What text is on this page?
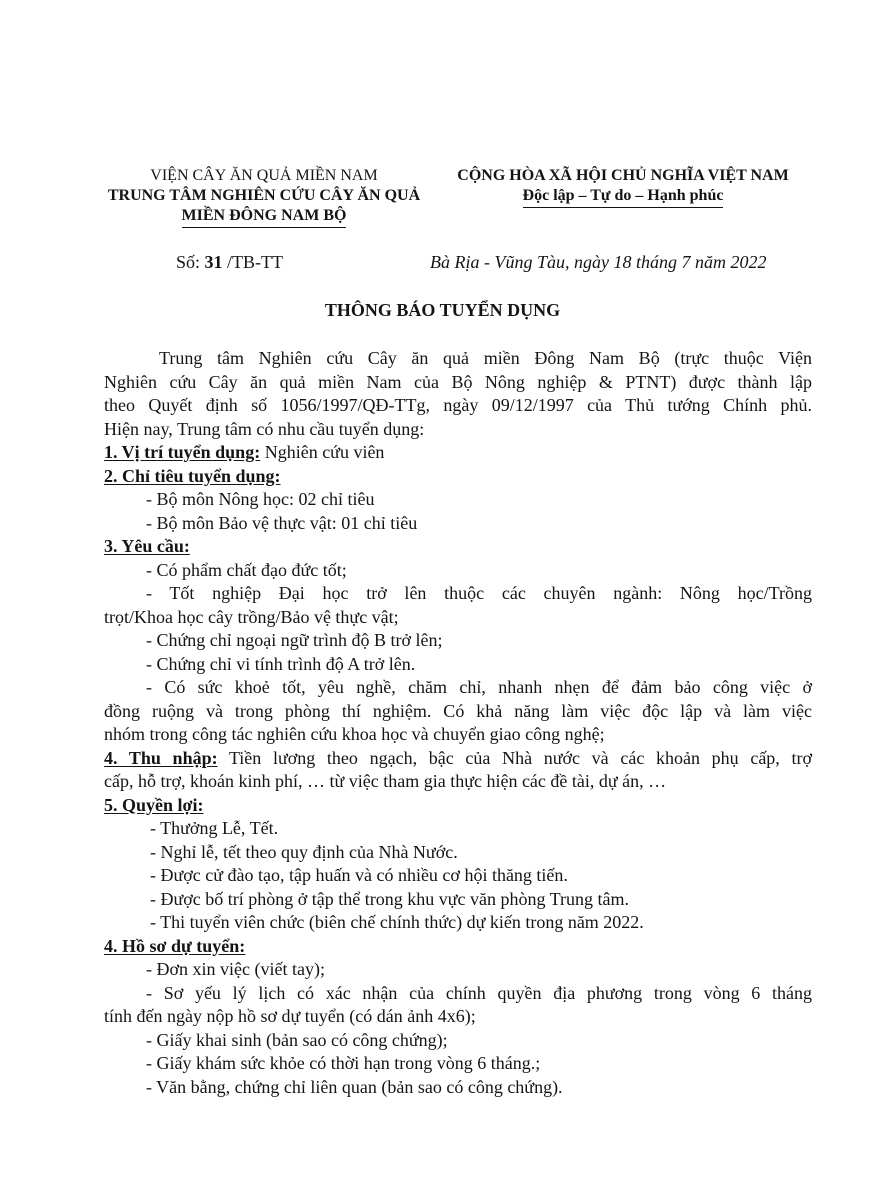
VIỆN CÂY ĂN QUẢ MIỀN NAM
TRUNG TÂM NGHIÊN CỨU CÂY ĂN QUẢ
MIỀN ĐÔNG NAM BỘ
CỘNG HÒA XÃ HỘI CHỦ NGHĨA VIỆT NAM
Độc lập – Tự do – Hạnh phúc
Số: 31 /TB-TT	Bà Rịa - Vũng Tàu, ngày 18 tháng 7 năm 2022
THÔNG BÁO TUYỂN DỤNG
Trung tâm Nghiên cứu Cây ăn quả miền Đông Nam Bộ (trực thuộc Viện
Nghiên cứu Cây ăn quả miền Nam của Bộ Nông nghiệp & PTNT) được thành lập
theo Quyết định số 1056/1997/QĐ-TTg, ngày 09/12/1997 của Thủ tướng Chính phủ.
Hiện nay, Trung tâm có nhu cầu tuyển dụng:
1. Vị trí tuyển dụng: Nghiên cứu viên
2. Chỉ tiêu tuyển dụng:
- Bộ môn Nông học: 02 chỉ tiêu
- Bộ môn Bảo vệ thực vật: 01 chỉ tiêu
3. Yêu cầu:
- Có phẩm chất đạo đức tốt;
- Tốt nghiệp Đại học trở lên thuộc các chuyên ngành: Nông học/Trồng
trọt/Khoa học cây trồng/Bảo vệ thực vật;
- Chứng chỉ ngoại ngữ trình độ B trở lên;
- Chứng chỉ vi tính trình độ A trở lên.
- Có sức khoẻ tốt, yêu nghề, chăm chỉ, nhanh nhẹn để đảm bảo công việc ở
đồng ruộng và trong phòng thí nghiệm. Có khả năng làm việc độc lập và làm việc
nhóm trong công tác nghiên cứu khoa học và chuyển giao công nghệ;
4. Thu nhập: Tiền lương theo ngạch, bậc của Nhà nước và các khoản phụ cấp, trợ
cấp, hỗ trợ, khoán kinh phí, … từ việc tham gia thực hiện các đề tài, dự án, …
5. Quyền lợi:
- Thưởng Lễ, Tết.
- Nghỉ lễ, tết theo quy định của Nhà Nước.
- Được cử đào tạo, tập huấn và có nhiều cơ hội thăng tiến.
- Được bố trí phòng ở tập thể trong khu vực văn phòng Trung tâm.
- Thi tuyển viên chức (biên chế chính thức) dự kiến trong năm 2022.
4. Hồ sơ dự tuyển:
- Đơn xin việc (viết tay);
- Sơ yếu lý lịch có xác nhận của chính quyền địa phương trong vòng 6 tháng
tính đến ngày nộp hồ sơ dự tuyển (có dán ảnh 4x6);
- Giấy khai sinh (bản sao có công chứng);
- Giấy khám sức khỏe có thời hạn trong vòng 6 tháng.;
- Văn bằng, chứng chỉ liên quan (bản sao có công chứng).
